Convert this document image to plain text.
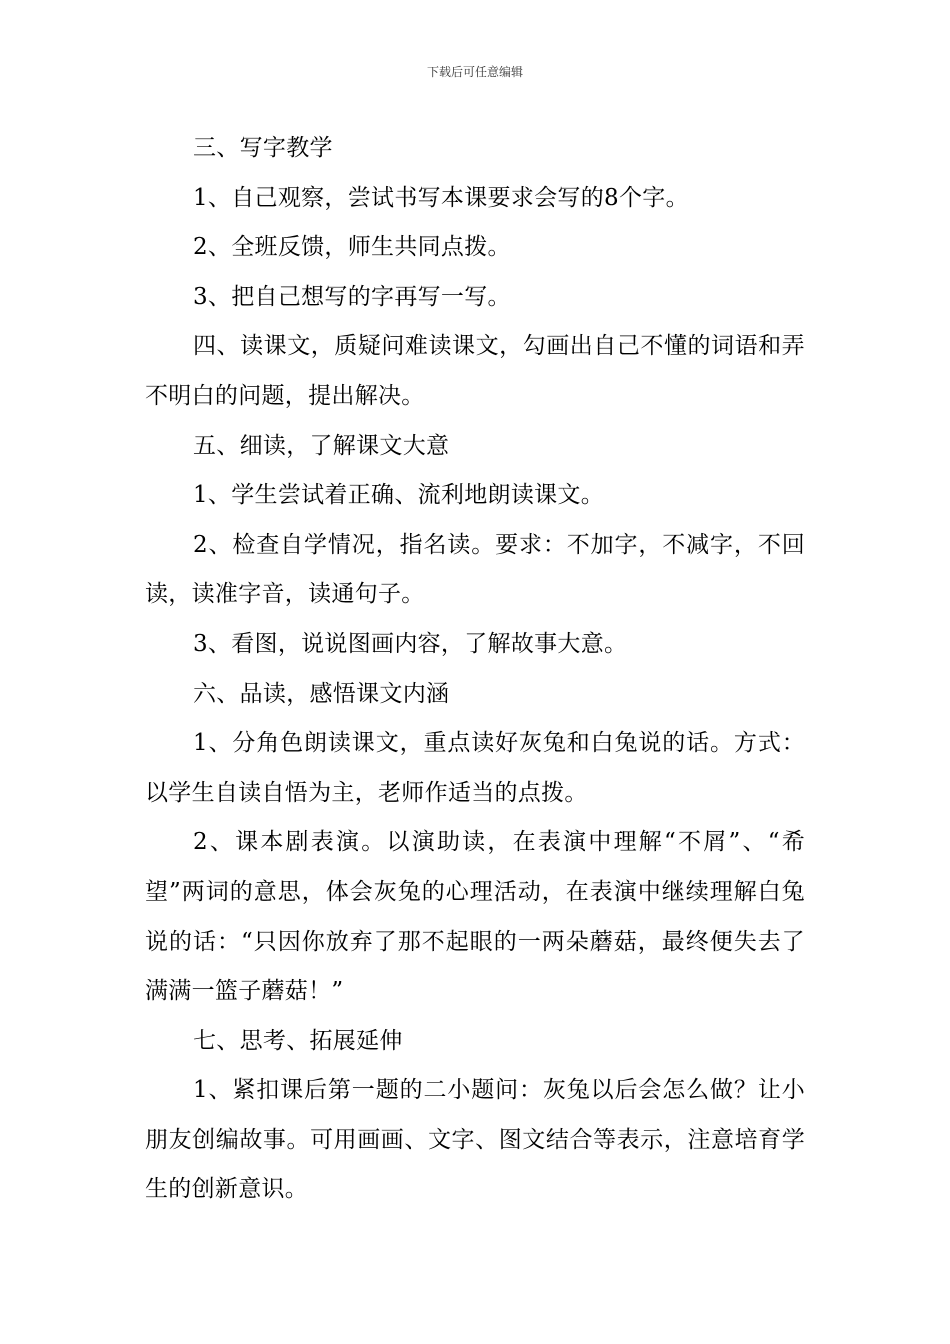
下载后可任意编辑

三、写字教学

1、自己观察，尝试书写本课要求会写的8个字。

2、全班反馈，师生共同点拨。

3、把自己想写的字再写一写。

四、读课文，质疑问难读课文，勾画出自己不懂的词语和弄不明白的问题，提出解决。

五、细读，了解课文大意

1、学生尝试着正确、流利地朗读课文。

2、检查自学情况，指名读。要求：不加字，不减字，不回读，读准字音，读通句子。

3、看图，说说图画内容，了解故事大意。

六、品读，感悟课文内涵

1、分角色朗读课文，重点读好灰兔和白兔说的话。方式：以学生自读自悟为主，老师作适当的点拨。

2、课本剧表演。以演助读，在表演中理解“不屑”、“希望”两词的意思，体会灰兔的心理活动，在表演中继续理解白兔说的话：“只因你放弃了那不起眼的一两朵蘑菇，最终便失去了满满一篮子蘑菇！”

七、思考、拓展延伸

1、紧扣课后第一题的二小题问：灰兔以后会怎么做？让小朋友创编故事。可用画画、文字、图文结合等表示，注意培育学生的创新意识。
